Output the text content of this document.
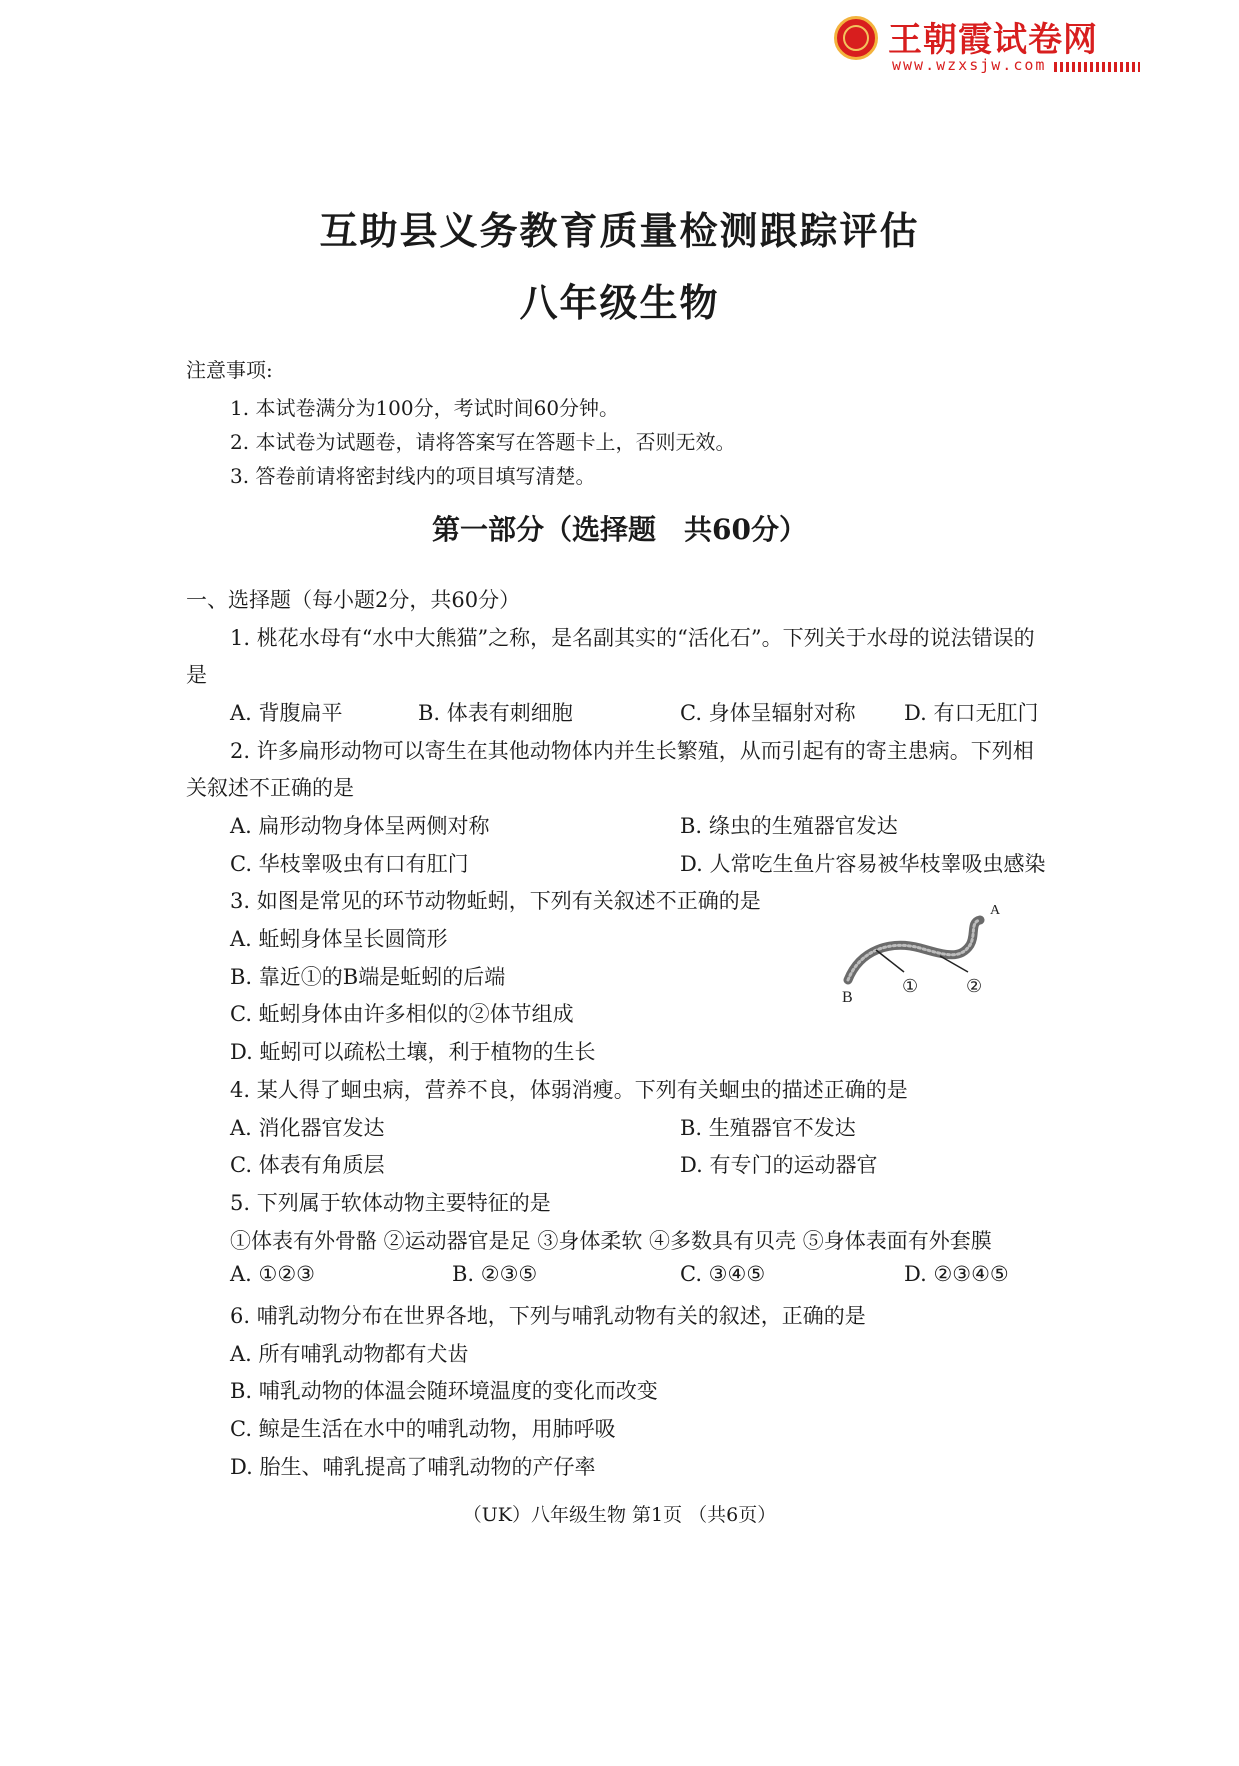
王朝霞试卷网
www.wzxsjw.com
互助县义务教育质量检测跟踪评估
八年级生物
注意事项:
1. 本试卷满分为100分，考试时间60分钟。
2. 本试卷为试题卷，请将答案写在答题卡上，否则无效。
3. 答卷前请将密封线内的项目填写清楚。
第一部分（选择题　共60分）
一、选择题（每小题2分，共60分）
1. 桃花水母有“水中大熊猫”之称，是名副其实的“活化石”。下列关于水母的说法错误的
是
A. 背腹扁平	B. 体表有刺细胞	C. 身体呈辐射对称 D. 有口无肛门
2. 许多扁形动物可以寄生在其他动物体内并生长繁殖，从而引起有的寄主患病。下列相
关叙述不正确的是
A. 扁形动物身体呈两侧对称	B. 绦虫的生殖器官发达
C. 华枝睾吸虫有口有肛门	D. 人常吃生鱼片容易被华枝睾吸虫感染
3. 如图是常见的环节动物蚯蚓，下列有关叙述不正确的是
A. 蚯蚓身体呈长圆筒形
B. 靠近①的B端是蚯蚓的后端
C. 蚯蚓身体由许多相似的②体节组成
D. 蚯蚓可以疏松土壤，利于植物的生长
A
B
①	②
4. 某人得了蛔虫病，营养不良，体弱消瘦。下列有关蛔虫的描述正确的是
A. 消化器官发达	B. 生殖器官不发达
C. 体表有角质层	D. 有专门的运动器官
5. 下列属于软体动物主要特征的是
①体表有外骨骼 ②运动器官是足 ③身体柔软 ④多数具有贝壳 ⑤身体表面有外套膜
A. ①②③	B. ②③⑤	C. ③④⑤	D. ②③④⑤
6. 哺乳动物分布在世界各地，下列与哺乳动物有关的叙述，正确的是
A. 所有哺乳动物都有犬齿
B. 哺乳动物的体温会随环境温度的变化而改变
C. 鲸是生活在水中的哺乳动物，用肺呼吸
D. 胎生、哺乳提高了哺乳动物的产仔率
（UK）八年级生物 第1页 （共6页）
